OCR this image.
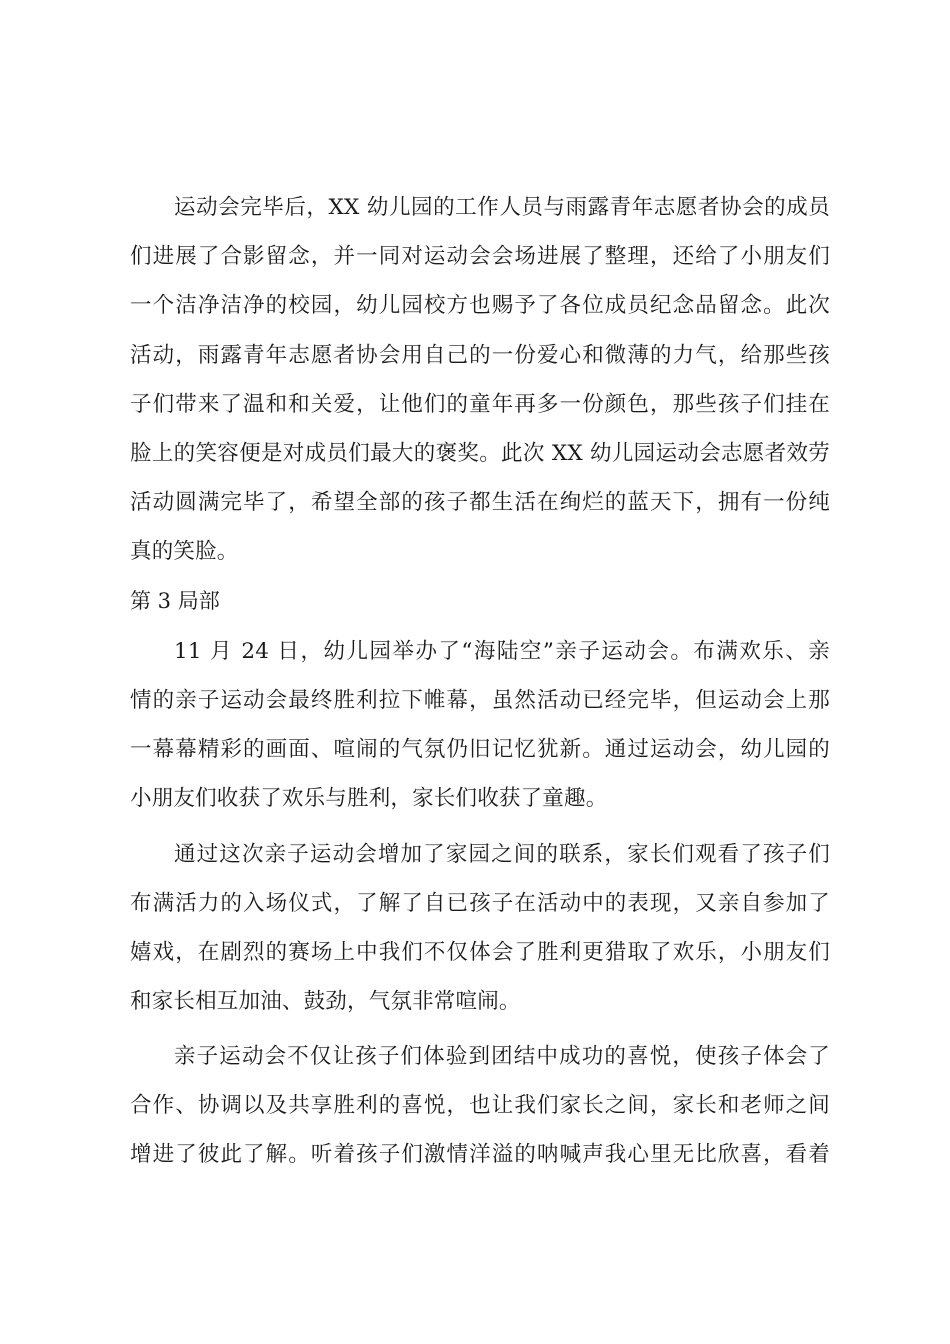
运动会完毕后，XX 幼儿园的工作人员与雨露青年志愿者协会的成员
们进展了合影留念，并一同对运动会会场进展了整理，还给了小朋友们
一个洁净洁净的校园，幼儿园校方也赐予了各位成员纪念品留念。此次
活动，雨露青年志愿者协会用自己的一份爱心和微薄的力气，给那些孩
子们带来了温和和关爱，让他们的童年再多一份颜色，那些孩子们挂在
脸上的笑容便是对成员们最大的褒奖。此次 XX 幼儿园运动会志愿者效劳
活动圆满完毕了，希望全部的孩子都生活在绚烂的蓝天下，拥有一份纯
真的笑脸。
第 3 局部
11 月 24 日，幼儿园举办了“海陆空”亲子运动会。布满欢乐、亲
情的亲子运动会最终胜利拉下帷幕，虽然活动已经完毕，但运动会上那
一幕幕精彩的画面、喧闹的气氛仍旧记忆犹新。通过运动会，幼儿园的
小朋友们收获了欢乐与胜利，家长们收获了童趣。
通过这次亲子运动会增加了家园之间的联系，家长们观看了孩子们
布满活力的入场仪式，了解了自已孩子在活动中的表现，又亲自参加了
嬉戏，在剧烈的赛场上中我们不仅体会了胜利更猎取了欢乐，小朋友们
和家长相互加油、鼓劲，气氛非常喧闹。
亲子运动会不仅让孩子们体验到团结中成功的喜悦，使孩子体会了
合作、协调以及共享胜利的喜悦，也让我们家长之间，家长和老师之间
增进了彼此了解。听着孩子们激情洋溢的呐喊声我心里无比欣喜，看着
